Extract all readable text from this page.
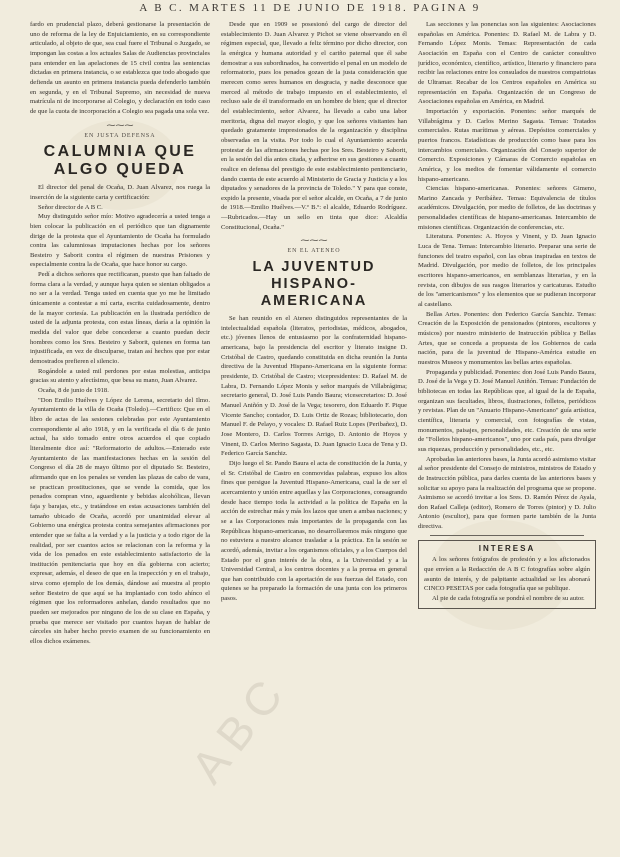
A B C. MARTES 11 DE JUNIO DE 1918. PAGINA 9

fardo en prudencial plazo, deberá gestionarse la presentación de uno de reforma de la ley de Enjuiciamiento, en su correspondiente articulado, al objeto de que, sea cual fuere el Tribunal o Juzgado, se impongan las costas a los actuales Salas de Audiencias provinciales para entender en las apelaciones de 15 civil contra las sentencias dictadas en primera instancia, o se establezca que todo abogado que defienda un asunto en primera instancia pueda defenderlo también en segunda, y en el Tribunal Supremo, sin necesidad de nueva matrícula ni de incorporarse al Colegio, y declaración en todo caso de que la cuota de incorporación a Colegio sea pagada una sola vez.

⁓⁓⁓
EN JUSTA DEFENSA
CALUMNIA QUE ALGO QUEDA

El director del penal de Ocaña, D. Juan Alvarez, nos ruega la inserción de la siguiente carta y certificación:

Señor director de A B C.

Muy distinguido señor mío: Motivo agradecería a usted tenga a bien colocar la publicación en el periódico que tan dignamente dirige de la protesta que el Ayuntamiento de Ocaña ha formulado contra las calumniosas imputaciones hechas por los señores Besteiro y Saborit contra el régimen de nuestras Prisiones y especialmente contra la de Ocaña, que hace honor su cargo.

Pedí a dichos señores que rectificaran, puesto que han faltado de forma clara a la verdad, y aunque haya quien se sientan obligados a no ser a la verdad. Tenga usted en cuenta que yo me he limitado únicamente a contestar a mí carta, escrita cuidadosamente, dentro de la mayor cortesía. La publicación en la ilustrada periódico de usted de la adjunta protesta, con estas líneas, daría a la opinión la medida del valor que debe concederse a cuanto puedan decir hombres como los Sres. Besteiro y Saborit, quienes en forma tan injustificada, en vez de disculparse, tratan así hechos que por estar demostrados prefieren el silencio.

Rogándole a usted mil perdones por estas molestias, anticipa gracias su atento y afectísimo, que besa su mano, Juan Alvarez.

Ocaña, 8 de junio de 1918.

"Don Emilio Huélves y López de Lerena, secretario del Ilmo. Ayuntamiento de la villa de Ocaña (Toledo).—Certifico: Que en el libro de actas de las sesiones celebradas por este Ayuntamiento correspondiente al año 1918, y en la verificada el día 6 de junio actual, ha sido tomado entre otros acuerdos el que copiado literalmente dice así: "Reformatorio de adultos.—Enterado este Ayuntamiento de las manifestaciones hechas en la sesión del Congreso el día 28 de mayo último por el diputado Sr. Besteiro, afirmando que en los penales se venden las plazas de cabo de vara, se practican prostituciones, que se vende la comida, que los penados compran vino, aguardiente y bebidas alcohólicas, llevan faja y barajas, etc., y tratándose en estas acusaciones también del tamaño ubicado de Ocaña, acordó por unanimidad elevar al Gobierno una enérgica protesta contra semejantes afirmaciones por entender que se falta a la verdad y a la justicia y a todo rigor de la realidad, por ser cuantos actos se relacionan con la reforma y la vida de los penados en este establecimiento satisfactorio de la institución penitenciaria que hoy en día gobierna con acierto; expresar, además, el deseo de que en la inspección y en el trabajo, sirva como ejemplo de los demás, dándose así muestra al propio señor Besteiro de que aquí se ha implantado con todo ahínco el régimen que los reformadores anhelan, dando resultados que no pueden ser mejorados por ninguno de los de su clase en España, y prueba que merece ser visitado por cuantos hayan de hablar de cárceles sin haber hecho previo examen de su funcionamiento en ellos dichos exámenes.

Desde que en 1909 se posesionó del cargo de director del establecimiento D. Juan Alvarez y Pichot se viene observando en él régimen especial, que, llevado a feliz término por dicho director, con la enérgica y humana autoridad y el cariño paternal que él sabe demostrar a sus subordinados, ha convertido el penal en un modelo de reformatorio, pues los penados gozan de la justa consideración que merecen como seres humanos en desgracia, y nadie desconoce que merced al método de trabajo impuesto en el establecimiento, el recluso sale de él transformado en un hombre de bien; que el director del establecimiento, señor Alvarez, ha llevado a cabo una labor meritoria, digna del mayor elogio, y que los señores visitantes han quedado gratamente impresionados de la organización y disciplina observadas en la visita. Por todo lo cual el Ayuntamiento acuerda protestar de las afirmaciones hechas por los Sres. Besteiro y Saborit, en la sesión del día antes citada, y adherirse en sus gestiones a cuanto realice en defensa del prestigio de este establecimiento penitenciario, dando cuenta de este acuerdo al Ministerio de Gracia y Justicia y a los diputados y senadores de la provincia de Toledo." Y para que conste, expido la presente, visada por el señor alcalde, en Ocaña, a 7 de junio de 1918.—Emilio Huélves.—V.º B.º: el alcalde, Eduardo Rodríguez.—Rubricados.—Hay un sello en tinta que dice: Alcaldía Constitucional, Ocaña."

⁓⁓⁓
EN EL ATENEO
LA JUVENTUD HISPANO-AMERICANA

Se han reunido en el Ateneo distinguidos representantes de la intelectualidad española (literatos, periodistas, médicos, abogados, etc.) jóvenes llenos de entusiasmo por la confraternidad hispano-americana, bajo la presidencia del escritor y literato insigne D. Cristóbal de Castro, quedando constituida en dicha reunión la Junta directiva de la Juventud Hispano-Americana en la siguiente forma: presidente, D. Cristóbal de Castro; vicepresidentes: D. Rafael M. de Labra, D. Fernando López Monis y señor marqués de Villabrágima; secretario general, D. José Luis Pando Baura; vicesecretarios: D. José Manuel Aniñón y D. José de la Vega; tesorero, don Eduardo F. Pique Vicente Sancho; contador, D. Luis Ortiz de Rozas; bibliotecario, don Manuel F. de Pelayo, y vocales: D. Rafael Ruiz Lopes (Peribañez), D. Jose Montero, D. Carlos Torrres Arrigo, D. Antonio de Hoyos y Vinent, D. Carlos Merino Sagasta, D. Juan Ignacio Luca de Tena y D. Federico García Sanchiz.

Dijo luego el Sr. Pando Baura el acta de constitución de la Junta, y el Sr. Cristóbal de Castro en conmovidas palabras, expuso los altos fines que persigue la Juventud Hispano-Americana, cual la de ser el acercamiento y unión entre aquellas y las Corporaciones, consagrando desde hace tiempo toda la actividad a la política de España en la acción de estrechar más y más los lazos que unen a ambas naciones; y se a las Corporaciones más importantes de la propaganda con las Repúblicas hispano-americanas, no desarrollaremos más ninguno que no estuviera a nuestro alcance trasladar a la práctica. En la sesión se acordó, además, invitar a los organismos oficiales, y a los Cuerpos del Estado por el gran interés de la obra, a la Universidad y a la Universidad Central, a los centros docentes y a la prensa en general que han contribuido con la aportación de sus fuerzas del Estado, con quienes se ha preparado la formación de una junta con los primeros pasos.

Las secciones y las ponencias son las siguientes: Asociaciones españolas en América. Ponentes: D. Rafael M. de Labra y D. Fernando López Monis. Temas: Representación de cada Asociación en España con el Centro de carácter consultivo jurídico, económico, científico, artístico, literario y financiero para recibir las relaciones entre los consulados de nuestros compatriotas de Ultramar. Recabar de los Centros españoles en América su representación en España. Organización de un Congreso de Asociaciones españolas en América, en Madrid.

Importación y exportación. Ponentes: señor marqués de Villabrágima y D. Carlos Merino Sagasta. Temas: Tratados comerciales. Rutas marítimas y aéreas. Depósitos comerciales y puertos francos. Estadísticas de producción como base para los intercambios comerciales. Organización del Consejo superior de Comercio. Exposiciones y Cámaras de Comercio españolas en América, y los medios de fomentar válidamente el comercio hispano-americano.

Ciencias hispano-americanas. Ponentes: señores Gimeno, Marino Zancada y Peribáñez. Temas: Equivalencia de títulos académicos. Divulgación, por medio de folletos, de las doctrinas y personalidades científicas de hispano-americanas. Intercambio de misiones científicas. Organización de conferencias, etc.

Literatura. Ponentes: A. Hoyos y Vinent, y D. Juan Ignacio Luca de Tena. Temas: Intercambio literario. Preparar una serie de funciones del teatro español, con las obras inspiradas en textos de Madrid. Divulgación, por medio de folletos, de los principales escritores hispano-americanos, en semblanzas literarias, y en la revista, con dibujos de sus rasgos literarios y caricaturas. Estudio de los "americanismos" y los elementos que se pudieran incorporar al castellano.

Bellas Artes. Ponentes: don Federico García Sanchiz. Temas: Creación de la Exposición de pensionados (pintores, escultores y músicos) por nuestro ministerio de Instrucción pública y Bellas Artes, que se conceda a propuesta de los Gobiernos de cada nación, para de la juventud de Hispano-América estudie en nuestros Museos y monumentos las bellas artes españolas.

Propaganda y publicidad. Ponentes: don José Luis Pando Baura, D. José de la Vega y D. José Manuel Aniñón. Temas: Fundación de bibliotecas en todas las Repúblicas que, al igual de la de España, organizan sus facultades, libros, ilustraciones, folletos, periódicos y revistas. Plan de un "Anuario Hispano-Americano" guía artística, científica, literaria y comercial, con fotografías de vistas, monumentos, paisajes, personalidades, etc. Creación de una serie de "Folletos hispano-americanos", uno por cada país, para divulgar sus riquezas, producción y personalidades, etc., etc.

Aprobadas las anteriores bases, la Junta acordó asimismo visitar al señor presidente del Consejo de ministros, ministros de Estado y de Instrucción pública, para darles cuenta de las anteriores bases y solicitar su apoyo para la realización del programa que se propone. Asimismo se acordó invitar a los Sres. D. Ramón Pérez de Ayala, don Rafael Calleja (editor), Romero de Torres (pintor) y D. Julio Antonio (escultor), para que formen parte también de la Junta directiva.

INTERESA

A los señores fotógrafos de profesión y a los aficionados que envíen a la Redacción de A B C fotografías sobre algún asunto de interés, y de palpitante actualidad se les abonará CINCO PESETAS por cada fotografía que se publique.

Al pie de cada fotografía se pondrá el nombre de su autor.

ABC
